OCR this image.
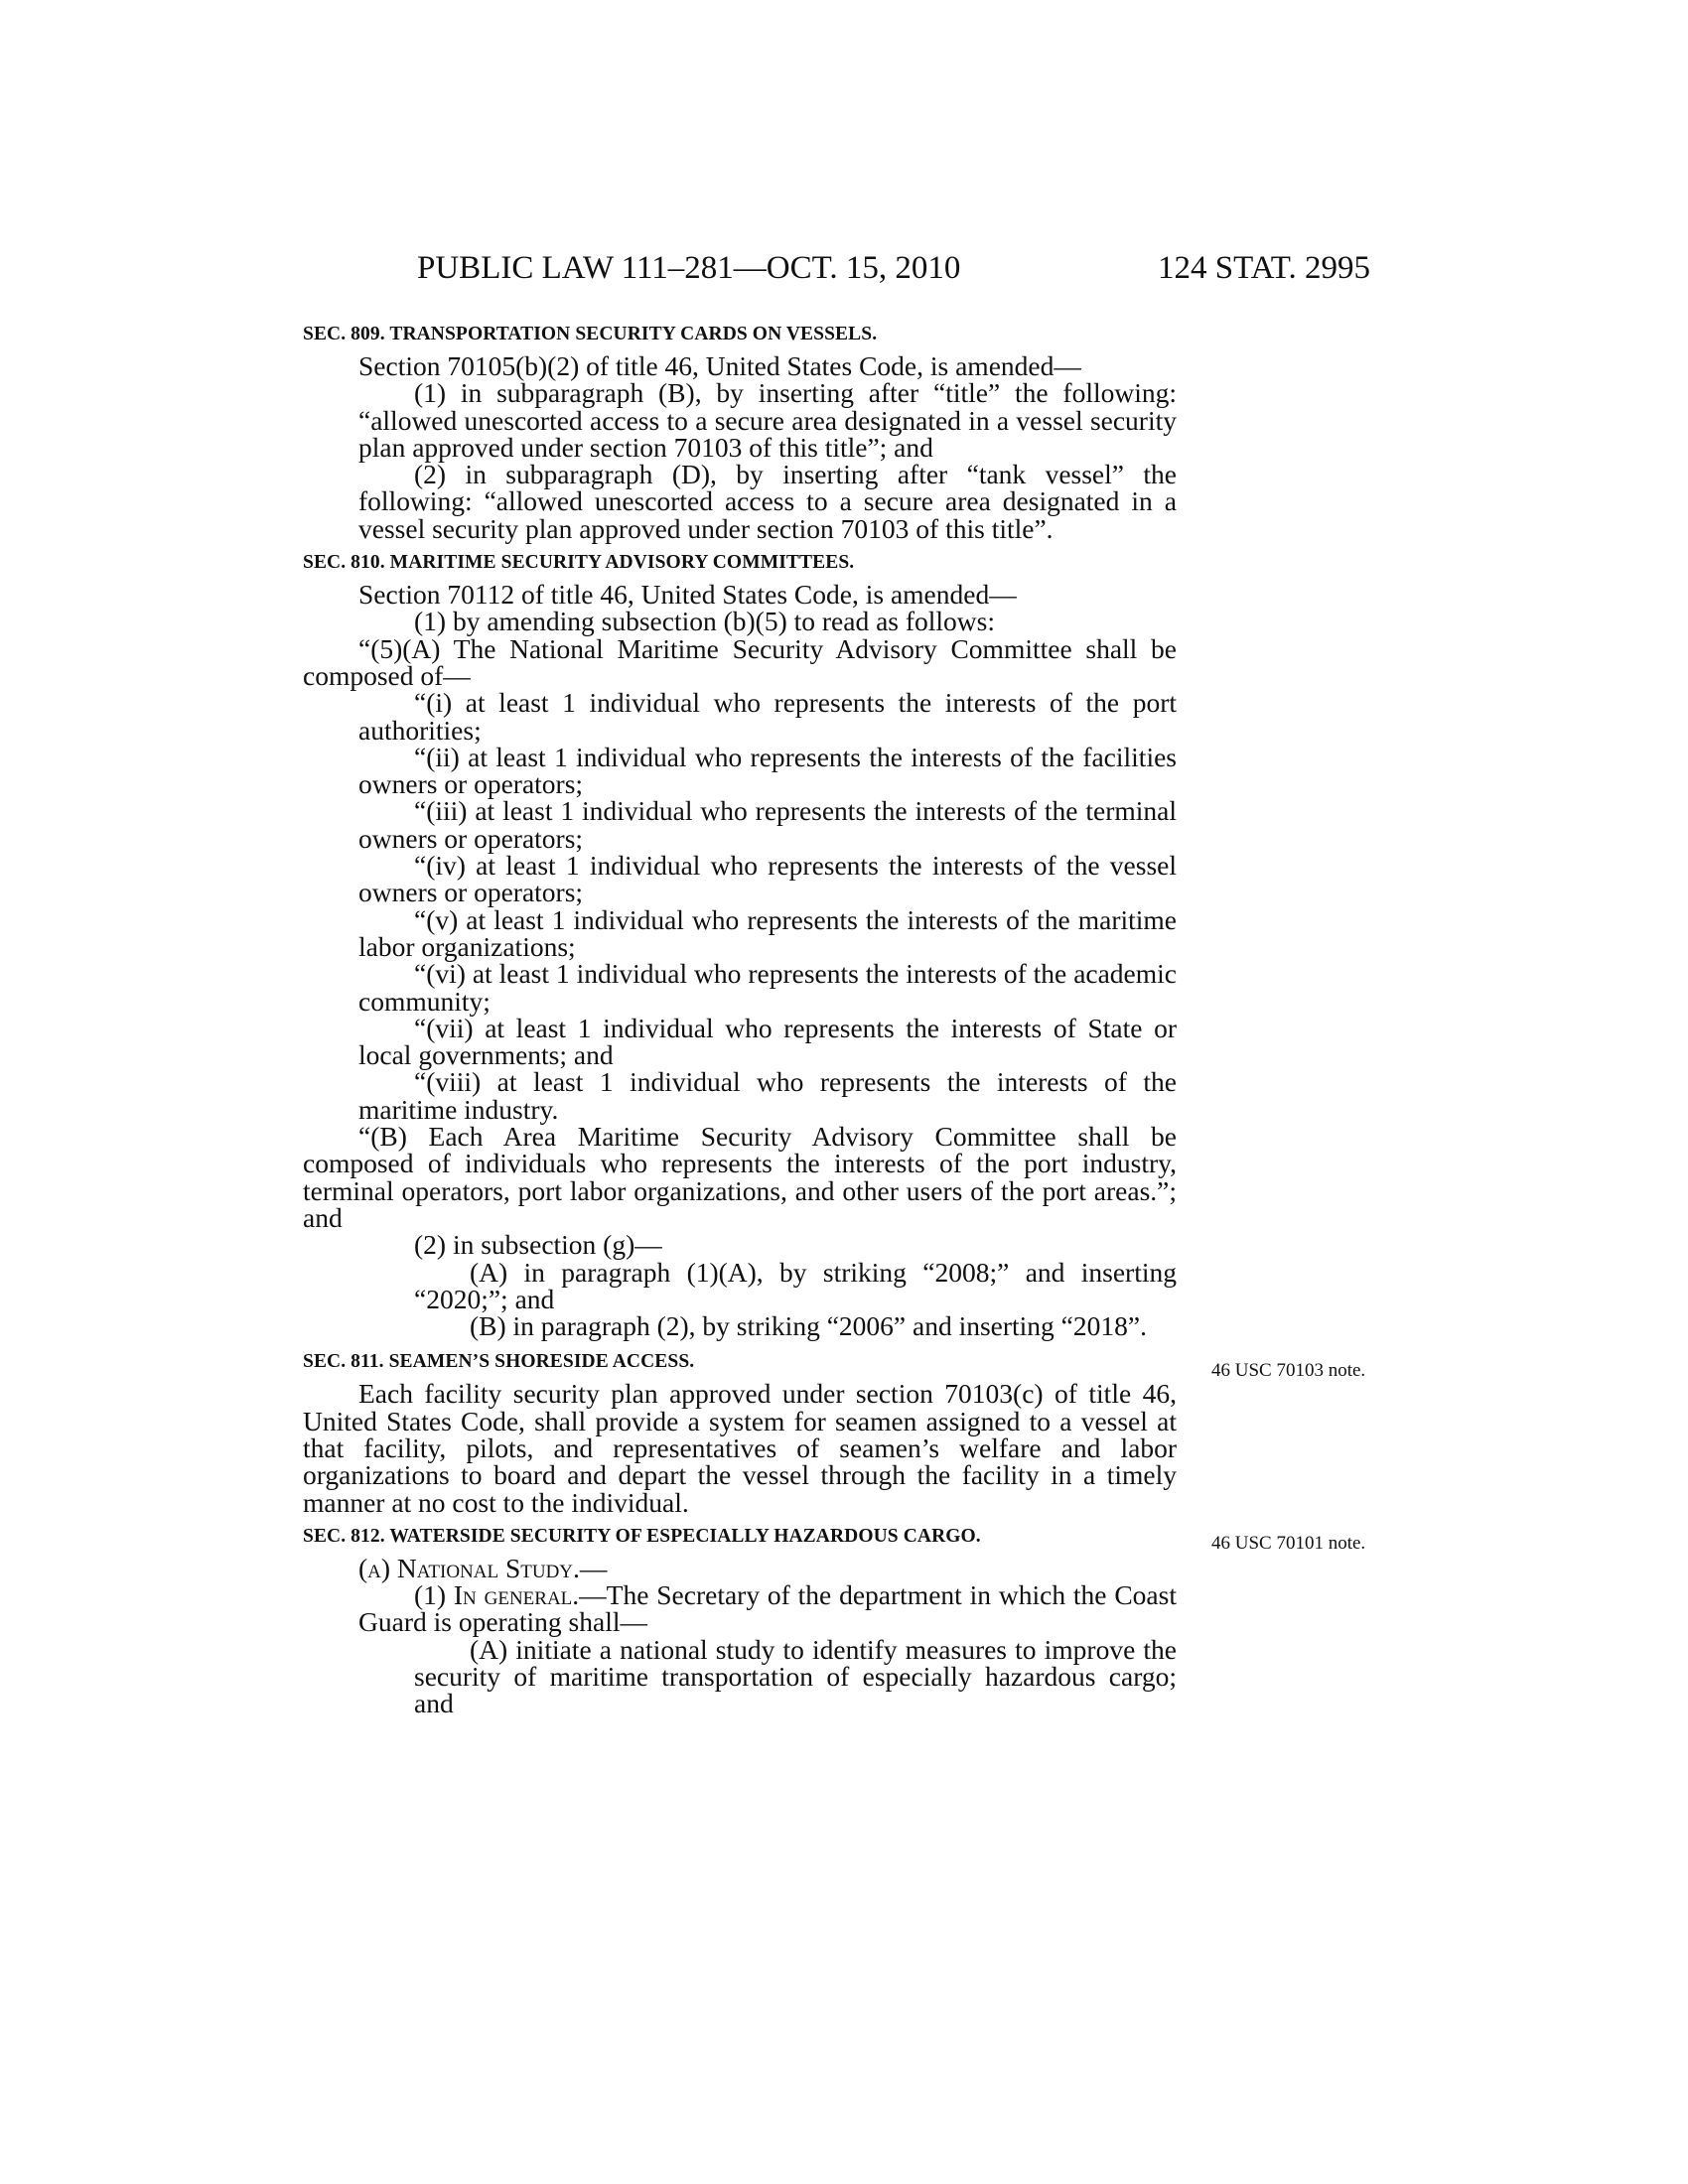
PUBLIC LAW 111–281—OCT. 15, 2010	124 STAT. 2995
SEC. 809. TRANSPORTATION SECURITY CARDS ON VESSELS.

Section 70105(b)(2) of title 46, United States Code, is amended—

(1) in subparagraph (B), by inserting after “title” the following: “allowed unescorted access to a secure area designated in a vessel security plan approved under section 70103 of this title”; and

(2) in subparagraph (D), by inserting after “tank vessel” the following: “allowed unescorted access to a secure area designated in a vessel security plan approved under section 70103 of this title”.

SEC. 810. MARITIME SECURITY ADVISORY COMMITTEES.

Section 70112 of title 46, United States Code, is amended—

(1) by amending subsection (b)(5) to read as follows:

“(5)(A) The National Maritime Security Advisory Committee shall be composed of—

“(i) at least 1 individual who represents the interests of the port authorities;

“(ii) at least 1 individual who represents the interests of the facilities owners or operators;

“(iii) at least 1 individual who represents the interests of the terminal owners or operators;

“(iv) at least 1 individual who represents the interests of the vessel owners or operators;

“(v) at least 1 individual who represents the interests of the maritime labor organizations;

“(vi) at least 1 individual who represents the interests of the academic community;

“(vii) at least 1 individual who represents the interests of State or local governments; and

“(viii) at least 1 individual who represents the interests of the maritime industry.

“(B) Each Area Maritime Security Advisory Committee shall be composed of individuals who represents the interests of the port industry, terminal operators, port labor organizations, and other users of the port areas.”; and

(2) in subsection (g)—

(A) in paragraph (1)(A), by striking “2008;” and inserting “2020;”; and

(B) in paragraph (2), by striking “2006” and inserting “2018”.

SEC. 811. SEAMEN’S SHORESIDE ACCESS.	46 USC 70103 note.

Each facility security plan approved under section 70103(c) of title 46, United States Code, shall provide a system for seamen assigned to a vessel at that facility, pilots, and representatives of seamen’s welfare and labor organizations to board and depart the vessel through the facility in a timely manner at no cost to the individual.

SEC. 812. WATERSIDE SECURITY OF ESPECIALLY HAZARDOUS CARGO.	46 USC 70101 note.

(a) National Study.—

(1) In general.—The Secretary of the department in which the Coast Guard is operating shall—

(A) initiate a national study to identify measures to improve the security of maritime transportation of especially hazardous cargo; and
